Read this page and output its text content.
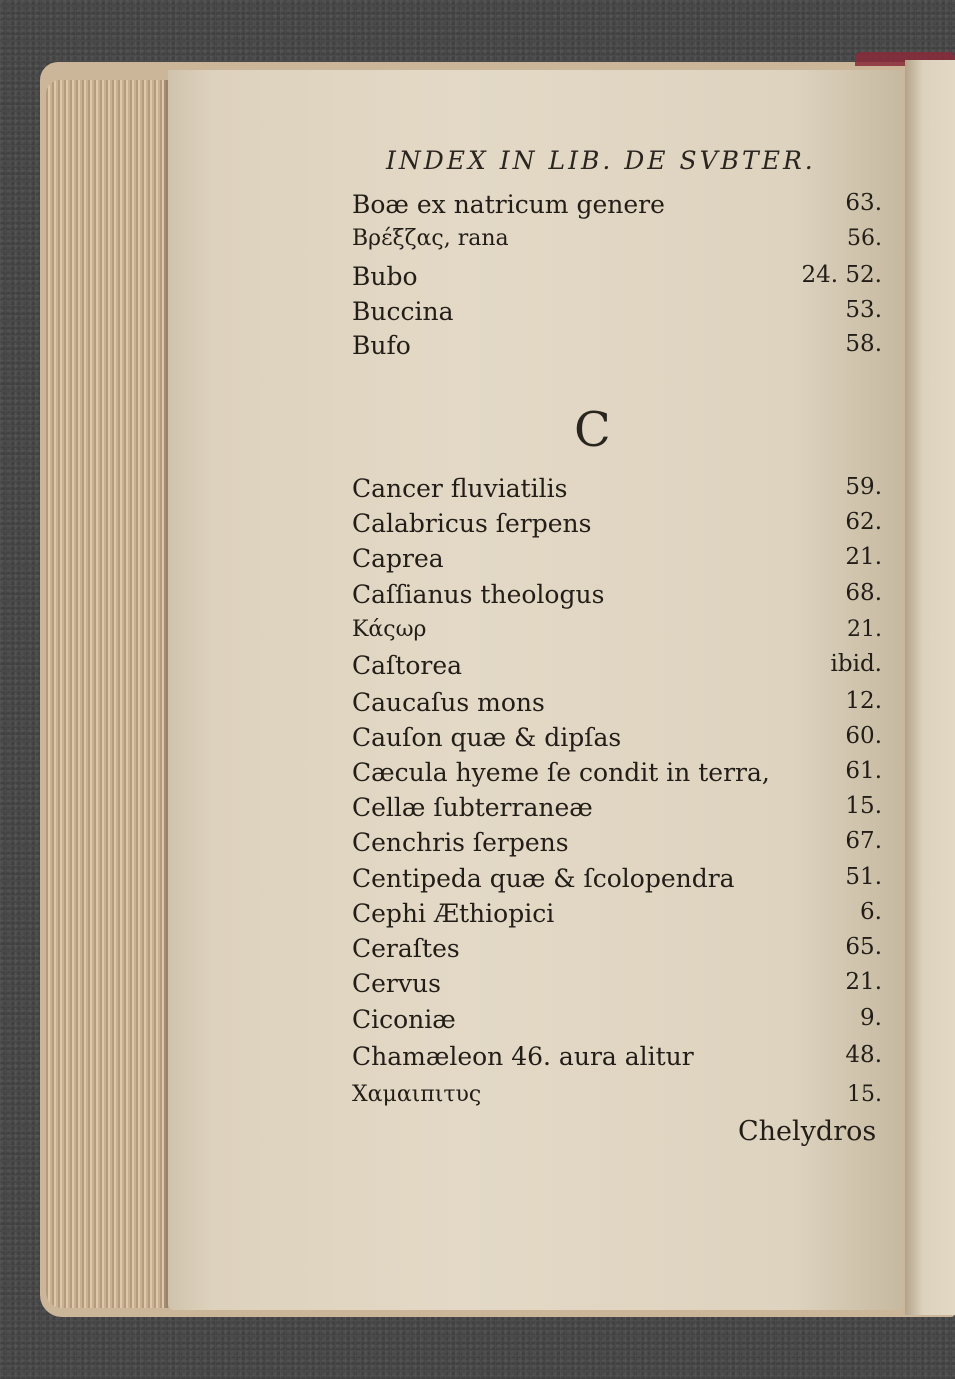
INDEX IN LIB. DE SVBTER.
Boæ ex natricum genere	63.
Βρέξζας, rana	56.
Bubo	24. 52.
Buccina	53.
Bufo	58.
Cancer fluviatilis	59.
Calabricus ſerpens	62.
Caprea	21.
Caſſianus theologus	68.
Κάςωρ	21.
Caſtorea	ibid.
Caucaſus mons	12.
Cauſon quæ & dipſas	60.
Cæcula hyeme ſe condit in terra,	61.
Cellæ ſubterraneæ	15.
Cenchris ſerpens	67.
Centipeda quæ & ſcolopendra	51.
Cephi Æthiopici	6.
Ceraſtes	65.
Cervus	21.
Ciconiæ	9.
Chamæleon 46. aura alitur	48.
Χαμαιπιτυς	15.
C
Chelydros
